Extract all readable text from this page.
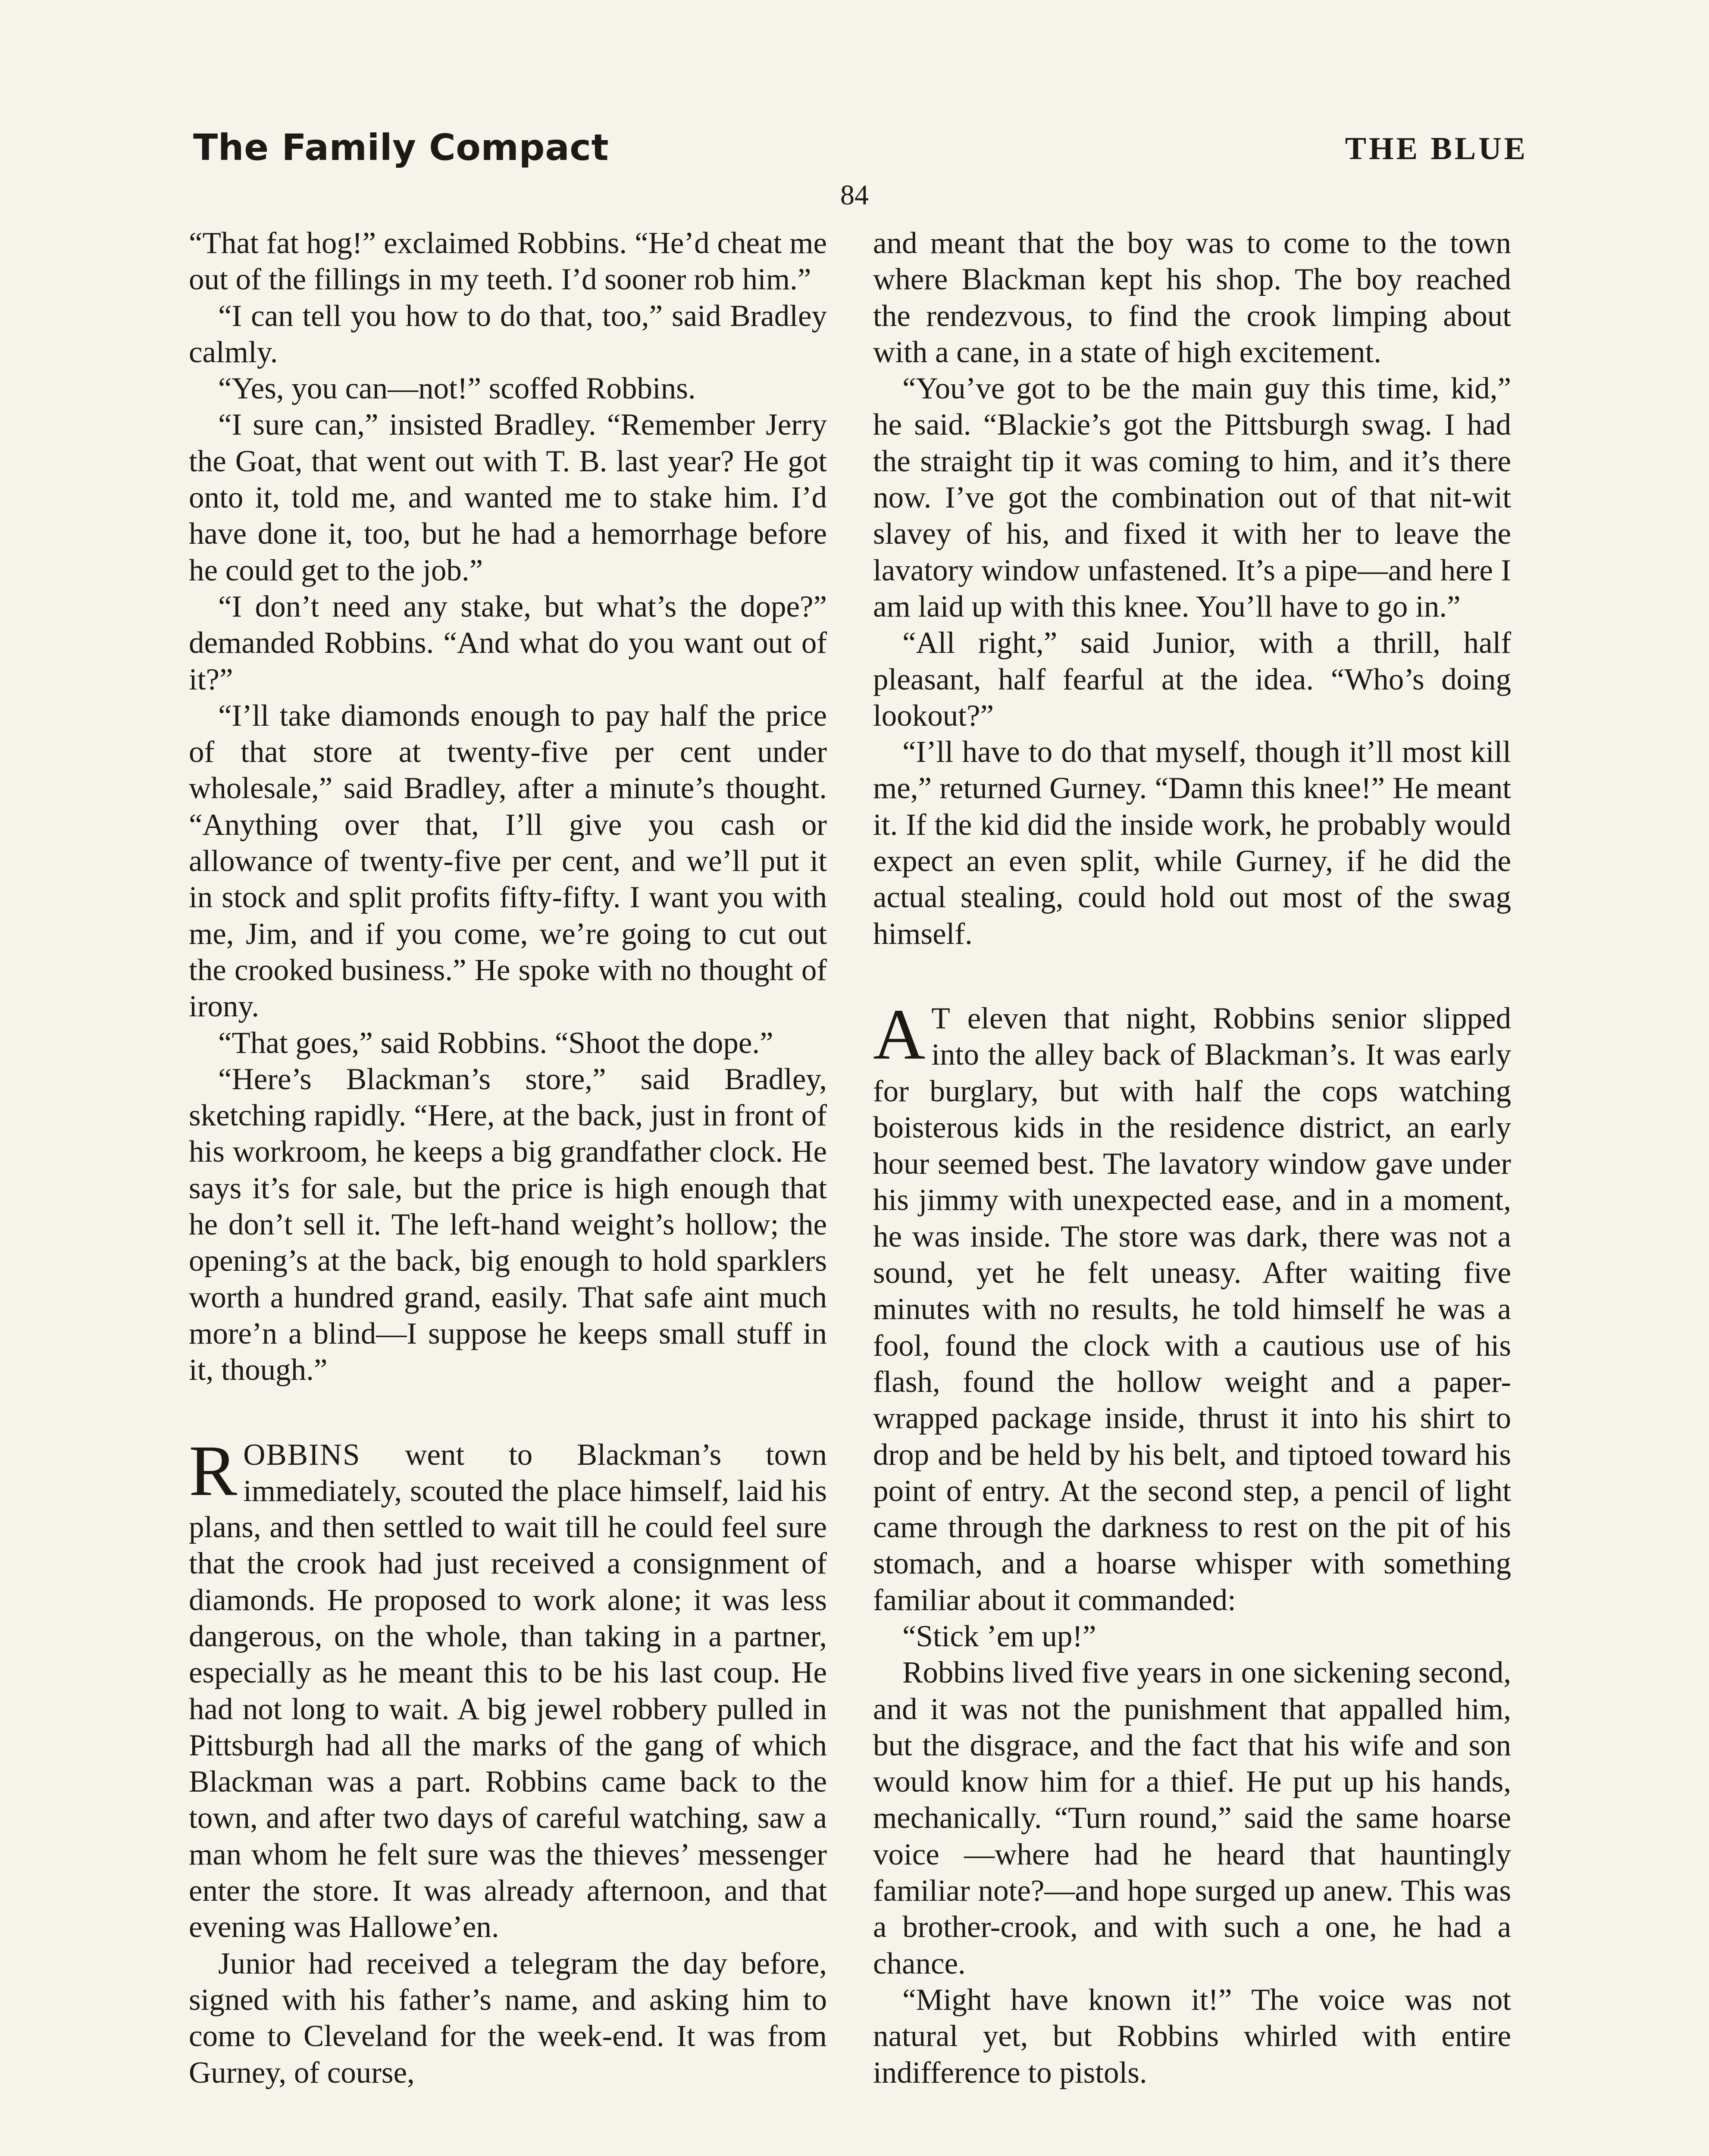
The Family Compact	THE BLUE
84

“That fat hog!” exclaimed Robbins. “He’d cheat me out of the fillings in my teeth. I’d sooner rob him.”

“I can tell you how to do that, too,” said Bradley calmly.

“Yes, you can—not!” scoffed Robbins.

“I sure can,” insisted Bradley. “Remember Jerry the Goat, that went out with T. B. last year? He got onto it, told me, and wanted me to stake him. I’d have done it, too, but he had a hemorrhage before he could get to the job.”

“I don’t need any stake, but what’s the dope?” demanded Robbins. “And what do you want out of it?”

“I’ll take diamonds enough to pay half the price of that store at twenty-five per cent under wholesale,” said Bradley, after a minute’s thought. “Anything over that, I’ll give you cash or allowance of twenty-five per cent, and we’ll put it in stock and split profits fifty-fifty. I want you with me, Jim, and if you come, we’re going to cut out the crooked business.” He spoke with no thought of irony.

“That goes,” said Robbins. “Shoot the dope.”

“Here’s Blackman’s store,” said Bradley, sketching rapidly. “Here, at the back, just in front of his workroom, he keeps a big grandfather clock. He says it’s for sale, but the price is high enough that he don’t sell it. The left-hand weight’s hollow; the opening’s at the back, big enough to hold sparklers worth a hundred grand, easily. That safe aint much more’n a blind—I suppose he keeps small stuff in it, though.”

ROBBINS went to Blackman’s town immediately, scouted the place himself, laid his plans, and then settled to wait till he could feel sure that the crook had just received a consignment of diamonds. He proposed to work alone; it was less dangerous, on the whole, than taking in a partner, especially as he meant this to be his last coup. He had not long to wait. A big jewel robbery pulled in Pittsburgh had all the marks of the gang of which Blackman was a part. Robbins came back to the town, and after two days of careful watching, saw a man whom he felt sure was the thieves’ messenger enter the store. It was already afternoon, and that evening was Hallowe’en.

Junior had received a telegram the day before, signed with his father’s name, and asking him to come to Cleveland for the week-end. It was from Gurney, of course,

and meant that the boy was to come to the town where Blackman kept his shop. The boy reached the rendezvous, to find the crook limping about with a cane, in a state of high excitement.

“You’ve got to be the main guy this time, kid,” he said. “Blackie’s got the Pittsburgh swag. I had the straight tip it was coming to him, and it’s there now. I’ve got the combination out of that nit-wit slavey of his, and fixed it with her to leave the lavatory window unfastened. It’s a pipe—and here I am laid up with this knee. You’ll have to go in.”

“All right,” said Junior, with a thrill, half pleasant, half fearful at the idea. “Who’s doing lookout?”

“I’ll have to do that myself, though it’ll most kill me,” returned Gurney. “Damn this knee!” He meant it. If the kid did the inside work, he probably would expect an even split, while Gurney, if he did the actual stealing, could hold out most of the swag himself.

A T eleven that night, Robbins senior slipped into the alley back of Blackman’s. It was early for burglary, but with half the cops watching boisterous kids in the residence district, an early hour seemed best. The lavatory window gave under his jimmy with unexpected ease, and in a moment, he was inside. The store was dark, there was not a sound, yet he felt uneasy. After waiting five minutes with no results, he told himself he was a fool, found the clock with a cautious use of his flash, found the hollow weight and a paper-wrapped package inside, thrust it into his shirt to drop and be held by his belt, and tiptoed toward his point of entry. At the second step, a pencil of light came through the darkness to rest on the pit of his stomach, and a hoarse whisper with something familiar about it commanded:

“Stick ’em up!”

Robbins lived five years in one sickening second, and it was not the punishment that appalled him, but the disgrace, and the fact that his wife and son would know him for a thief. He put up his hands, mechanically. “Turn round,” said the same hoarse voice —where had he heard that hauntingly familiar note?—and hope surged up anew. This was a brother-crook, and with such a one, he had a chance.

“Might have known it!” The voice was not natural yet, but Robbins whirled with entire indifference to pistols.
